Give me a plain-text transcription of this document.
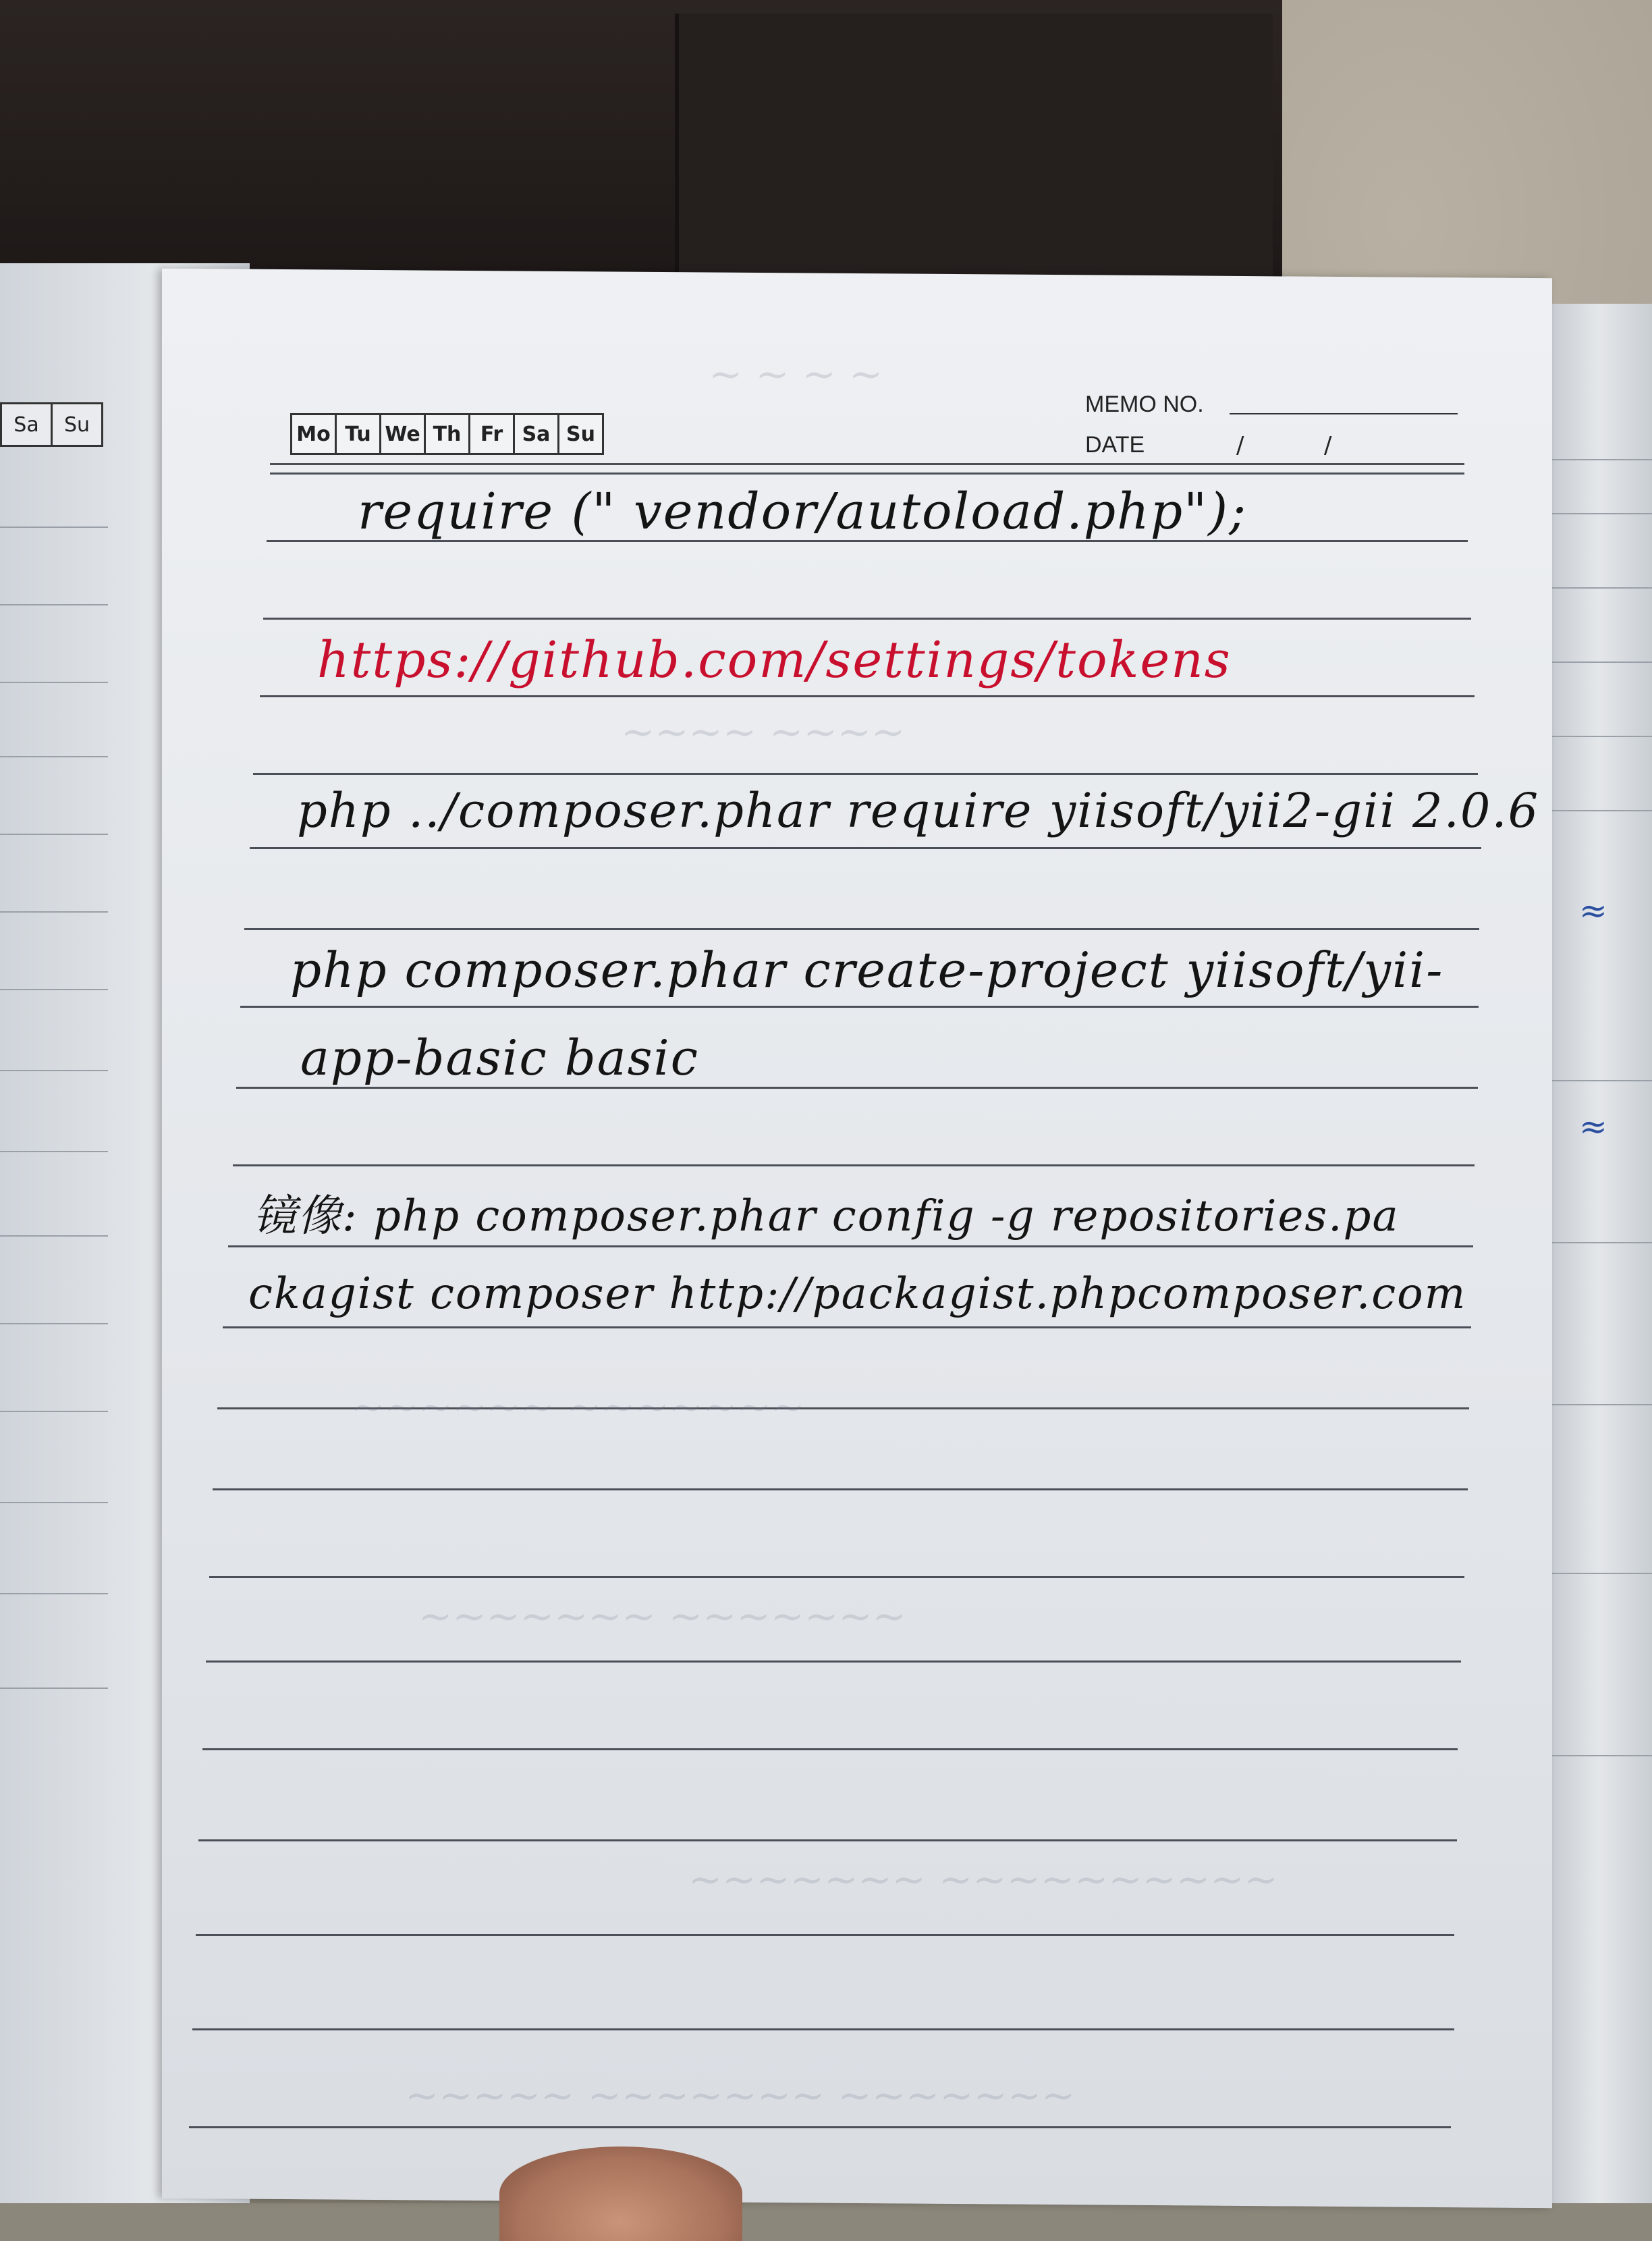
Sa	Su
≈
≈
Mo Tu We Th Fr Sa Su
MEMO NO.
DATE	/	/
~ ~ ~ ~
~~~~ ~~~~
~~~~~~ ~~~~~~~
~~~~~~~ ~~~~~~~
~~~~~~~ ~~~~~~~~~~
~~~~~ ~~~~~~~ ~~~~~~~
require (" vendor/autoload.php");
https://github.com/settings/tokens
php ../composer.phar require yiisoft/yii2-gii 2.0.6
php composer.phar create-project yiisoft/yii-
app-basic basic
镜像: php composer.phar config -g repositories.pa
ckagist composer http://packagist.phpcomposer.com
